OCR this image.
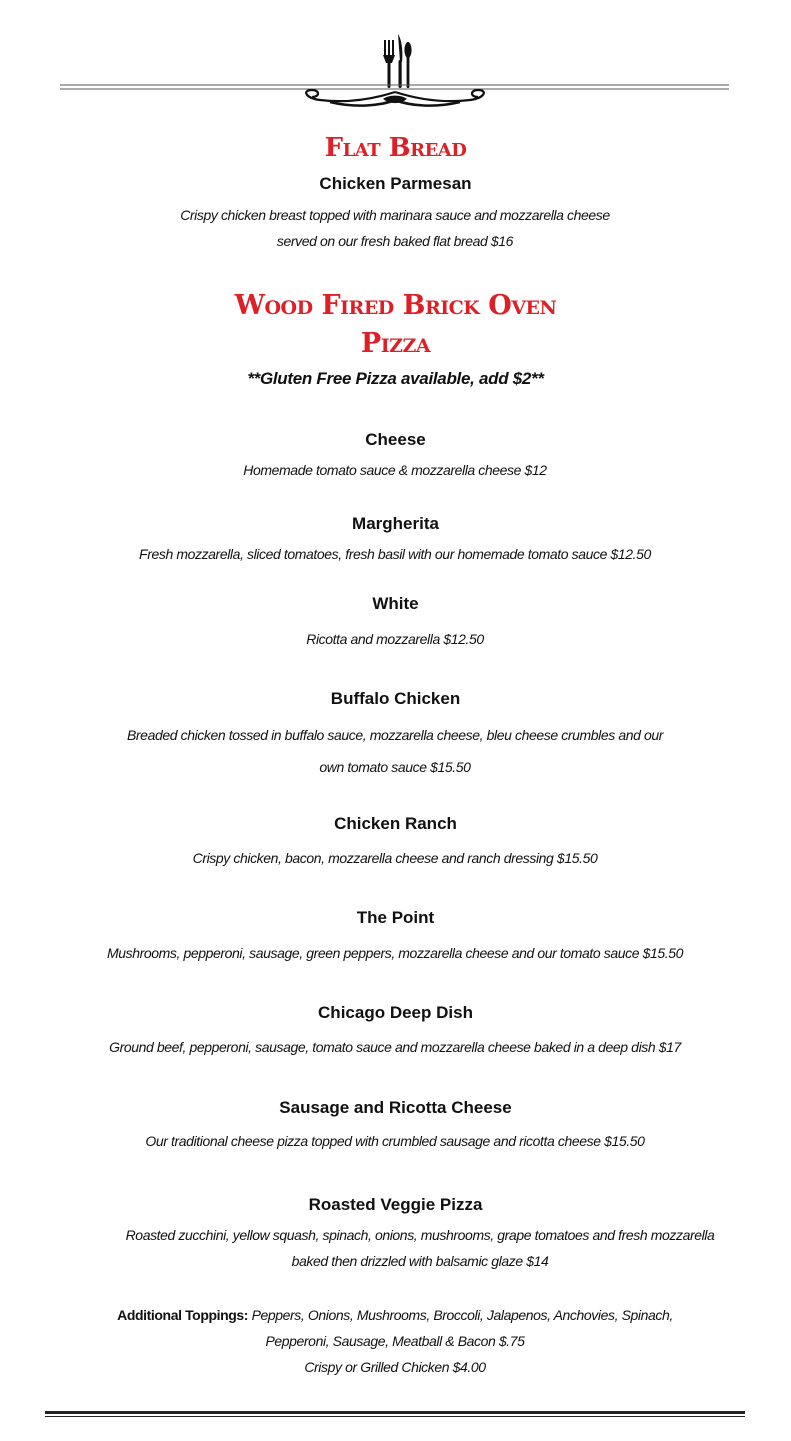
Flat Bread
Chicken Parmesan
Crispy chicken breast topped with marinara sauce and mozzarella cheese
served on our fresh baked flat bread $16
Wood Fired Brick Oven
Pizza
**Gluten Free Pizza available, add $2**
Cheese
Homemade tomato sauce & mozzarella cheese $12
Margherita
Fresh mozzarella, sliced tomatoes, fresh basil with our homemade tomato sauce $12.50
White
Ricotta and mozzarella $12.50
Buffalo Chicken
Breaded chicken tossed in buffalo sauce, mozzarella cheese, bleu cheese crumbles and our
own tomato sauce $15.50
Chicken Ranch
Crispy chicken, bacon, mozzarella cheese and ranch dressing $15.50
The Point
Mushrooms, pepperoni, sausage, green peppers, mozzarella cheese and our tomato sauce $15.50
Chicago Deep Dish
Ground beef, pepperoni, sausage, tomato sauce and mozzarella cheese baked in a deep dish $17
Sausage and Ricotta Cheese
Our traditional cheese pizza topped with crumbled sausage and ricotta cheese $15.50
Roasted Veggie Pizza
Roasted zucchini, yellow squash, spinach, onions, mushrooms, grape tomatoes and fresh mozzarella
baked then drizzled with balsamic glaze $14
Additional Toppings: Peppers, Onions, Mushrooms, Broccoli, Jalapenos, Anchovies, Spinach,
Pepperoni, Sausage, Meatball & Bacon $.75
Crispy or Grilled Chicken $4.00
